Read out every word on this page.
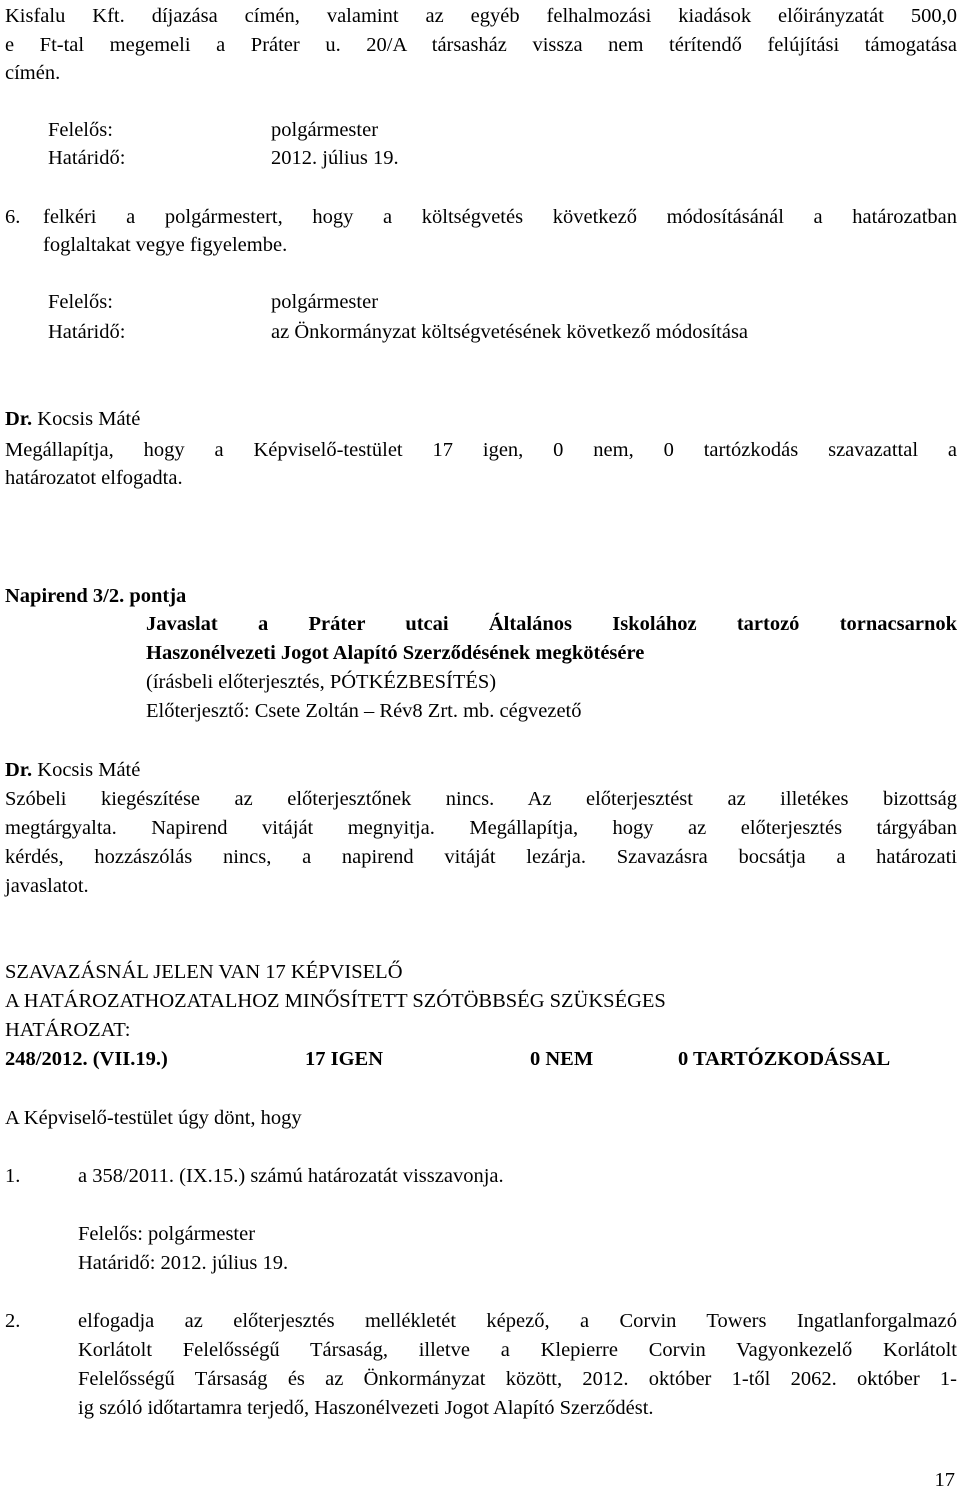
Kisfalu Kft. díjazása címén, valamint az egyéb felhalmozási kiadások előirányzatát 500,0
e Ft-tal megemeli a Práter u. 20/A társasház vissza nem térítendő felújítási támogatása
címén.
Felelős:	polgármester
Határidő:	2012. július 19.
6. felkéri a polgármestert, hogy a költségvetés következő módosításánál a határozatban
foglaltakat vegye figyelembe.
Felelős:	polgármester
Határidő:	az Önkormányzat költségvetésének következő módosítása
Dr. Kocsis Máté
Megállapítja, hogy a Képviselő-testület 17 igen, 0 nem, 0 tartózkodás szavazattal a
határozatot elfogadta.
Napirend 3/2. pontja
Javaslat a Práter utcai Általános Iskolához tartozó tornacsarnok
Haszonélvezeti Jogot Alapító Szerződésének megkötésére
(írásbeli előterjesztés, PÓTKÉZBESÍTÉS)
Előterjesztő: Csete Zoltán – Rév8 Zrt. mb. cégvezető
Dr. Kocsis Máté
Szóbeli kiegészítése az előterjesztőnek nincs. Az előterjesztést az illetékes bizottság
megtárgyalta. Napirend vitáját megnyitja. Megállapítja, hogy az előterjesztés tárgyában
kérdés, hozzászólás nincs, a napirend vitáját lezárja. Szavazásra bocsátja a határozati
javaslatot.
SZAVAZÁSNÁL JELEN VAN 17 KÉPVISELŐ
A HATÁROZATHOZATALHOZ MINŐSÍTETT SZÓTÖBBSÉG SZÜKSÉGES
HATÁROZAT:
248/2012. (VII.19.)	17 IGEN	0 NEM	0 TARTÓZKODÁSSAL
A Képviselő-testület úgy dönt, hogy
1.	a 358/2011. (IX.15.) számú határozatát visszavonja.
Felelős: polgármester
Határidő: 2012. július 19.
2.	elfogadja az előterjesztés mellékletét képező, a Corvin Towers Ingatlanforgalmazó
Korlátolt Felelősségű Társaság, illetve a Klepierre Corvin Vagyonkezelő Korlátolt
Felelősségű Társaság és az Önkormányzat között, 2012. október 1-től 2062. október 1-
ig szóló időtartamra terjedő, Haszonélvezeti Jogot Alapító Szerződést.
17
